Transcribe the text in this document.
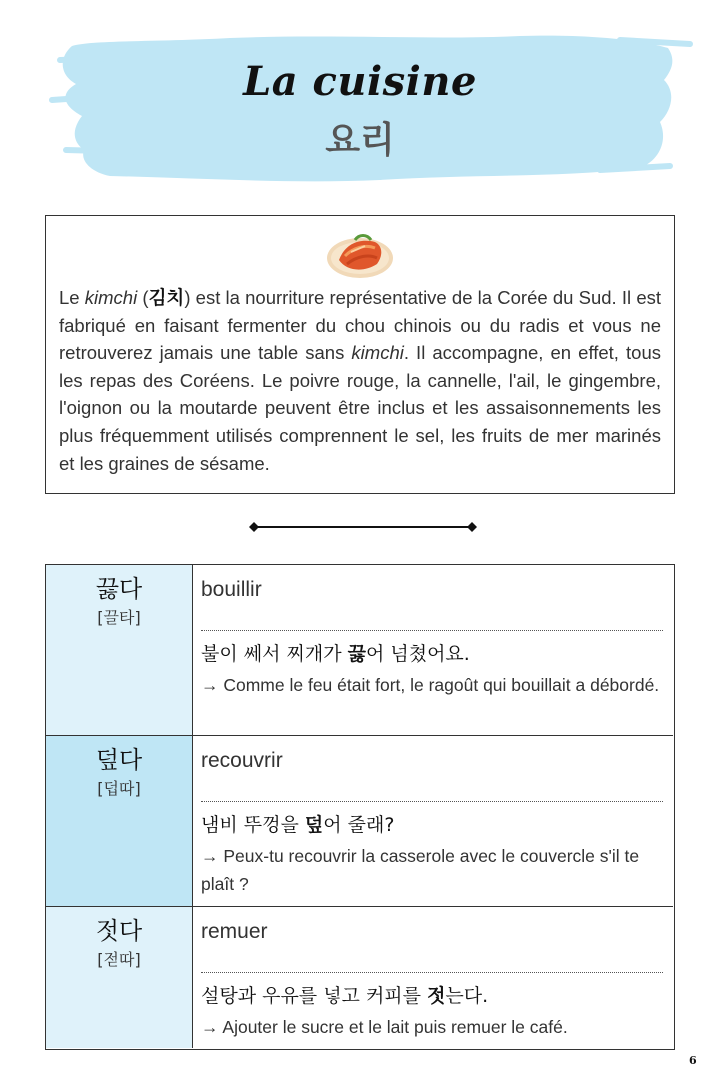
La cuisine
요리

Le kimchi (김치) est la nourriture représentative de la Corée du Sud. Il est fabriqué en faisant fermenter du chou chinois ou du radis et vous ne retrouverez jamais une table sans kimchi. Il accompagne, en effet, tous les repas des Coréens. Le poivre rouge, la cannelle, l'ail, le gingembre, l'oignon ou la moutarde peuvent être inclus et les assaisonnements les plus fréquemment utilisés comprennent le sel, les fruits de mer marinés et les graines de sésame.

끓다
[끌타]
bouillir
불이 쎄서 찌개가 끓어 넘쳤어요.
→ Comme le feu était fort, le ragoût qui bouillait a débordé.
덮다
[덥따]
recouvrir
냄비 뚜껑을 덮어 줄래?
→ Peux-tu recouvrir la casserole avec le couvercle s'il te plaît ?
젓다
[젇따]
remuer
설탕과 우유를 넣고 커피를 젓는다.
→ Ajouter le sucre et le lait puis remuer le café.
6
